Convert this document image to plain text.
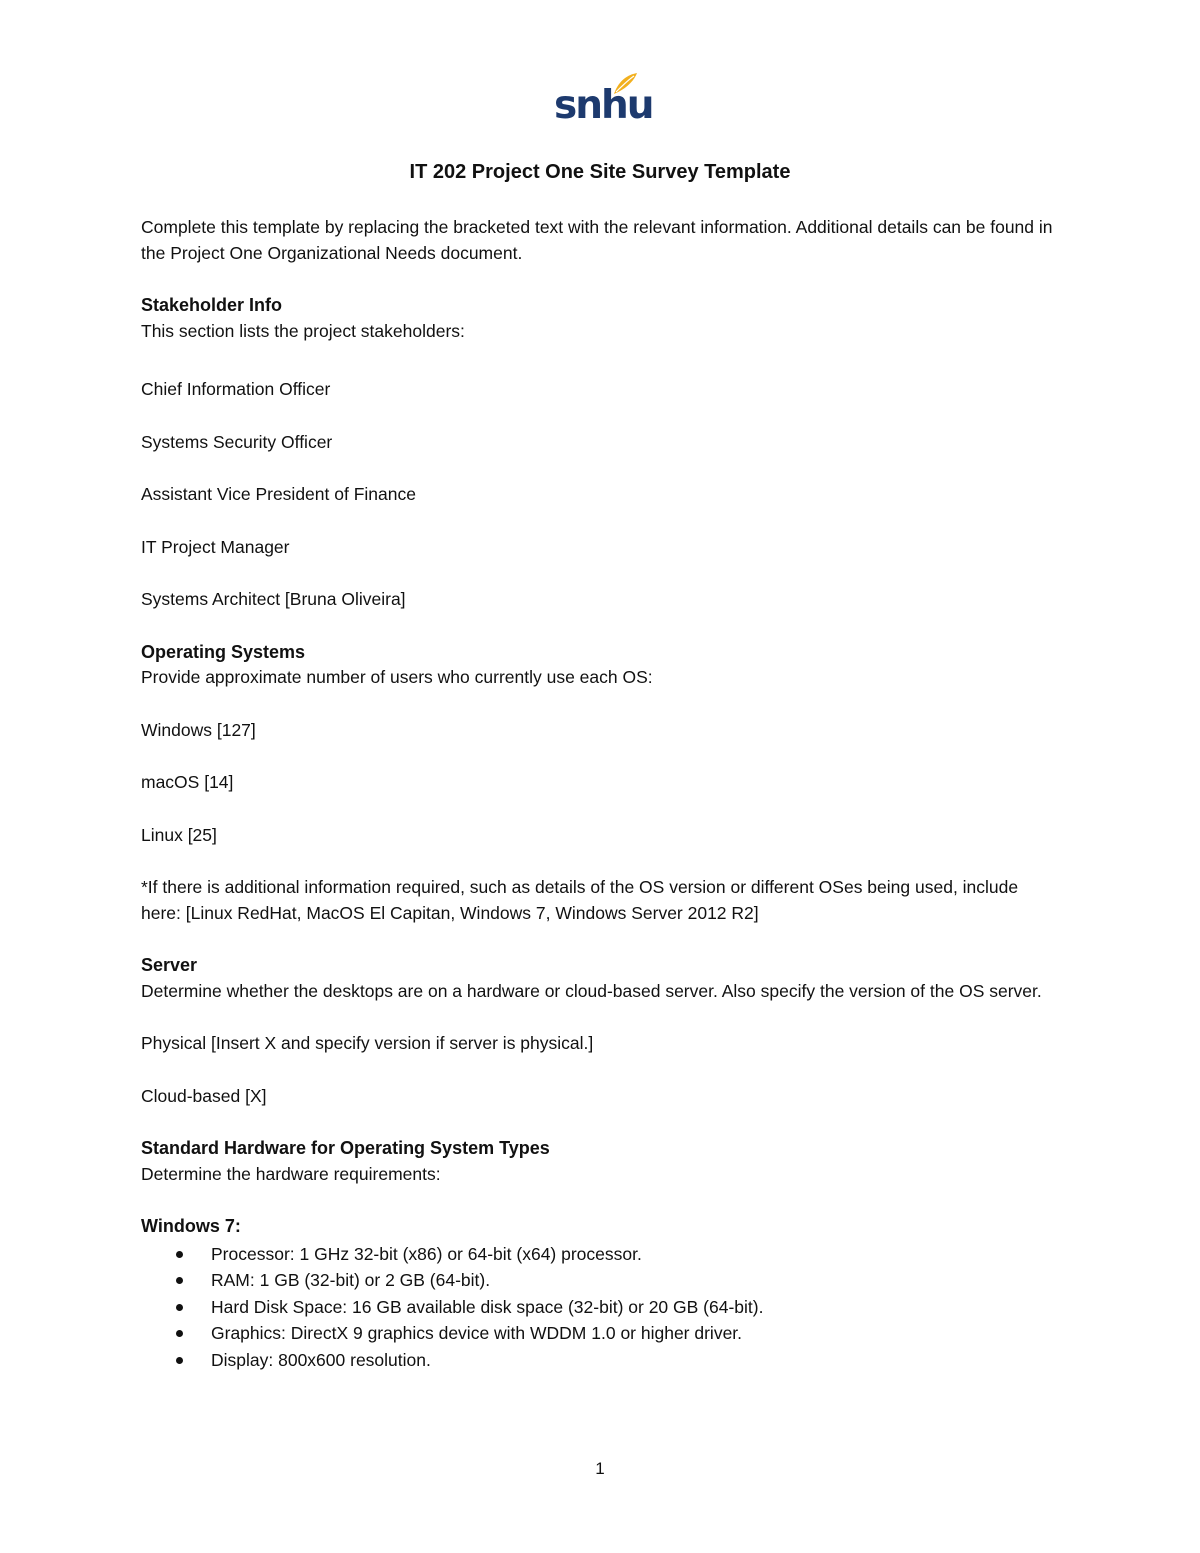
snhu
IT 202 Project One Site Survey Template

Complete this template by replacing the bracketed text with the relevant information. Additional details can be found in the Project One Organizational Needs document.

Stakeholder Info

This section lists the project stakeholders:

Chief Information Officer

Systems Security Officer

Assistant Vice President of Finance

IT Project Manager

Systems Architect [Bruna Oliveira]

Operating Systems

Provide approximate number of users who currently use each OS:

Windows [127]

macOS [14]

Linux [25]

*If there is additional information required, such as details of the OS version or different OSes being used, include here: [Linux RedHat, MacOS El Capitan, Windows 7, Windows Server 2012 R2]

Server

Determine whether the desktops are on a hardware or cloud-based server. Also specify the version of the OS server.

Physical [Insert X and specify version if server is physical.]

Cloud-based [X]

Standard Hardware for Operating System Types

Determine the hardware requirements:

Windows 7:

Processor: 1 GHz 32-bit (x86) or 64-bit (x64) processor.
RAM: 1 GB (32-bit) or 2 GB (64-bit).
Hard Disk Space: 16 GB available disk space (32-bit) or 20 GB (64-bit).
Graphics: DirectX 9 graphics device with WDDM 1.0 or higher driver.
Display: 800x600 resolution.
1
